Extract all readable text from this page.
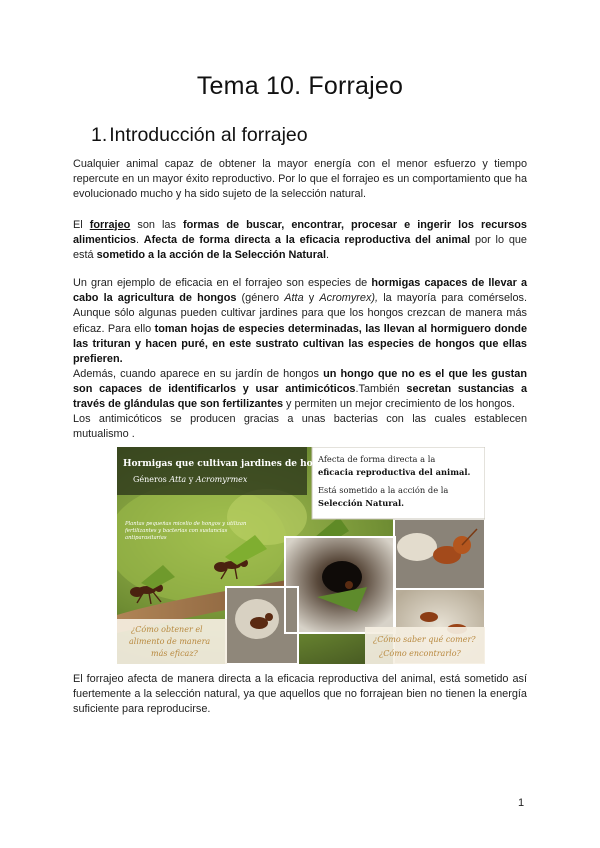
Tema 10. Forrajeo
1. Introducción al forrajeo

Cualquier animal capaz de obtener la mayor energía con el menor esfuerzo y tiempo repercute en un mayor éxito reproductivo. Por lo que el forrajeo es un comportamiento que ha evolucionado mucho y ha sido sujeto de la selección natural.

El forrajeo son las formas de buscar, encontrar, procesar e ingerir los recursos alimenticios. Afecta de forma directa a la eficacia reproductiva del animal por lo que está sometido a la acción de la Selección Natural.

Un gran ejemplo de eficacia en el forrajeo son especies de hormigas capaces de llevar a cabo la agricultura de hongos (género Atta y Acromyrex), la mayoría para comérselos. Aunque sólo algunas pueden cultivar jardines para que los hongos crezcan de manera más eficaz. Para ello toman hojas de especies determinadas, las llevan al hormiguero donde las trituran y hacen puré, en este sustrato cultivan las especies de hongos que ellas prefieren.

Además, cuando aparece en su jardín de hongos un hongo que no es el que les gustan son capaces de identificarlos y usar antimicóticos.También secretan sustancias a través de glándulas que son fertilizantes y permiten un mejor crecimiento de los hongos.

Los antimicóticos se producen gracias a unas bacterias con las cuales establecen mutualismo .

Hormigas que cultivan jardines de hongos
Géneros Atta y Acromyrmex
Plantas pequeñas micelio de hongos y utilizan fertilizantes y bacterias con sustancias antiparasitarias
Afecta de forma directa a la
eficacia reproductiva del animal.
Está sometido a la acción de la
Selección Natural.
¿Cómo obtener el
alimento de manera
más eficaz?
¿Cómo saber qué comer?
¿Cómo encontrarlo?

El forrajeo afecta de manera directa a la eficacia reproductiva del animal, está sometido así fuertemente a la selección natural, ya que aquellos que no forrajean bien no tienen la energía suficiente para reproducirse.

1
